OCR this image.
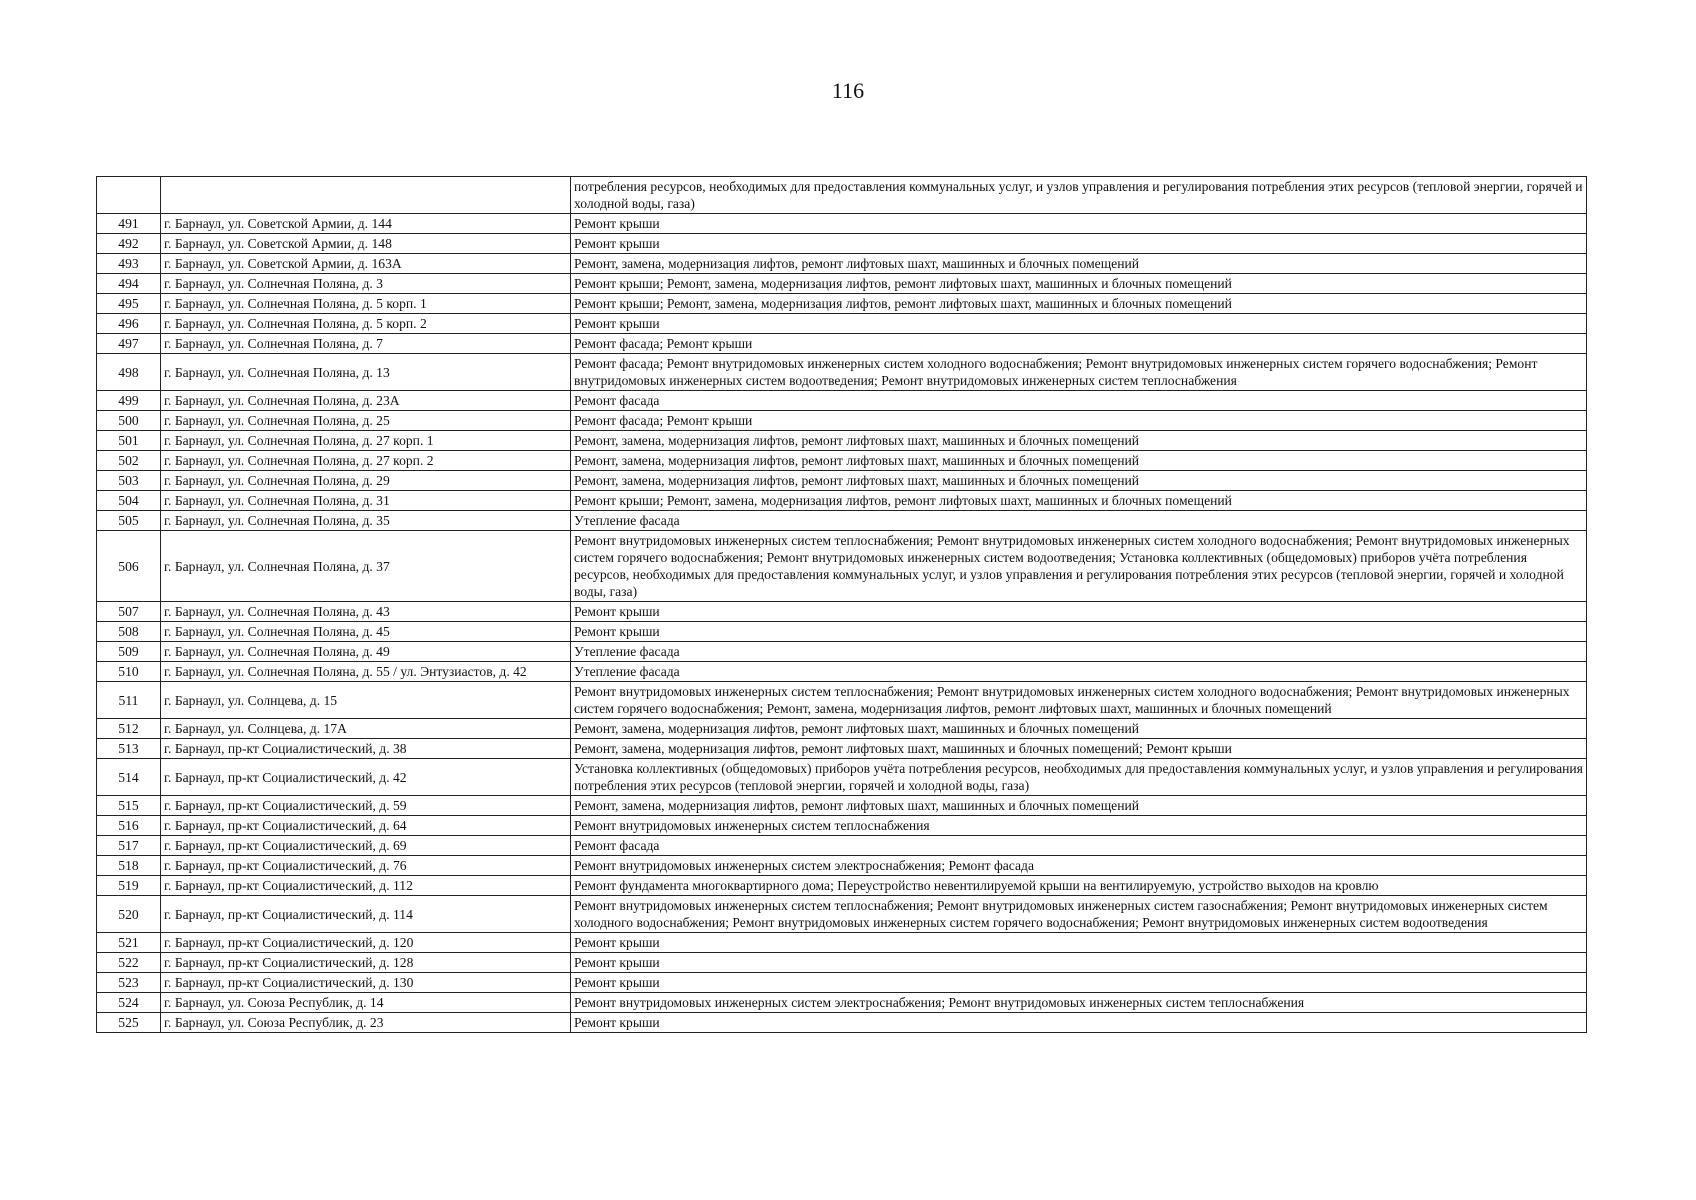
116
		потребления ресурсов, необходимых для предоставления коммунальных услуг, и узлов управления и регулирования потребления этих ресурсов (тепловой энергии, горячей и холодной воды, газа)
491	г. Барнаул, ул. Советской Армии, д. 144	Ремонт крыши
492	г. Барнаул, ул. Советской Армии, д. 148	Ремонт крыши
493	г. Барнаул, ул. Советской Армии, д. 163А	Ремонт, замена, модернизация лифтов, ремонт лифтовых шахт, машинных и блочных помещений
494	г. Барнаул, ул. Солнечная Поляна, д. 3	Ремонт крыши; Ремонт, замена, модернизация лифтов, ремонт лифтовых шахт, машинных и блочных помещений
495	г. Барнаул, ул. Солнечная Поляна, д. 5 корп. 1	Ремонт крыши; Ремонт, замена, модернизация лифтов, ремонт лифтовых шахт, машинных и блочных помещений
496	г. Барнаул, ул. Солнечная Поляна, д. 5 корп. 2	Ремонт крыши
497	г. Барнаул, ул. Солнечная Поляна, д. 7	Ремонт фасада; Ремонт крыши
498	г. Барнаул, ул. Солнечная Поляна, д. 13	Ремонт фасада; Ремонт внутридомовых инженерных систем холодного водоснабжения; Ремонт внутридомовых инженерных систем горячего водоснабжения; Ремонт внутридомовых инженерных систем водоотведения; Ремонт внутридомовых инженерных систем теплоснабжения
499	г. Барнаул, ул. Солнечная Поляна, д. 23А	Ремонт фасада
500	г. Барнаул, ул. Солнечная Поляна, д. 25	Ремонт фасада; Ремонт крыши
501	г. Барнаул, ул. Солнечная Поляна, д. 27 корп. 1	Ремонт, замена, модернизация лифтов, ремонт лифтовых шахт, машинных и блочных помещений
502	г. Барнаул, ул. Солнечная Поляна, д. 27 корп. 2	Ремонт, замена, модернизация лифтов, ремонт лифтовых шахт, машинных и блочных помещений
503	г. Барнаул, ул. Солнечная Поляна, д. 29	Ремонт, замена, модернизация лифтов, ремонт лифтовых шахт, машинных и блочных помещений
504	г. Барнаул, ул. Солнечная Поляна, д. 31	Ремонт крыши; Ремонт, замена, модернизация лифтов, ремонт лифтовых шахт, машинных и блочных помещений
505	г. Барнаул, ул. Солнечная Поляна, д. 35	Утепление фасада
506	г. Барнаул, ул. Солнечная Поляна, д. 37	Ремонт внутридомовых инженерных систем теплоснабжения; Ремонт внутридомовых инженерных систем холодного водоснабжения; Ремонт внутридомовых инженерных систем горячего водоснабжения; Ремонт внутридомовых инженерных систем водоотведения; Установка коллективных (общедомовых) приборов учёта потребления ресурсов, необходимых для предоставления коммунальных услуг, и узлов управления и регулирования потребления этих ресурсов (тепловой энергии, горячей и холодной воды, газа)
507	г. Барнаул, ул. Солнечная Поляна, д. 43	Ремонт крыши
508	г. Барнаул, ул. Солнечная Поляна, д. 45	Ремонт крыши
509	г. Барнаул, ул. Солнечная Поляна, д. 49	Утепление фасада
510	г. Барнаул, ул. Солнечная Поляна, д. 55 / ул. Энтузиастов, д. 42	Утепление фасада
511	г. Барнаул, ул. Солнцева, д. 15	Ремонт внутридомовых инженерных систем теплоснабжения; Ремонт внутридомовых инженерных систем холодного водоснабжения; Ремонт внутридомовых инженерных систем горячего водоснабжения; Ремонт, замена, модернизация лифтов, ремонт лифтовых шахт, машинных и блочных помещений
512	г. Барнаул, ул. Солнцева, д. 17А	Ремонт, замена, модернизация лифтов, ремонт лифтовых шахт, машинных и блочных помещений
513	г. Барнаул, пр-кт Социалистический, д. 38	Ремонт, замена, модернизация лифтов, ремонт лифтовых шахт, машинных и блочных помещений; Ремонт крыши
514	г. Барнаул, пр-кт Социалистический, д. 42	Установка коллективных (общедомовых) приборов учёта потребления ресурсов, необходимых для предоставления коммунальных услуг, и узлов управления и регулирования потребления этих ресурсов (тепловой энергии, горячей и холодной воды, газа)
515	г. Барнаул, пр-кт Социалистический, д. 59	Ремонт, замена, модернизация лифтов, ремонт лифтовых шахт, машинных и блочных помещений
516	г. Барнаул, пр-кт Социалистический, д. 64	Ремонт внутридомовых инженерных систем теплоснабжения
517	г. Барнаул, пр-кт Социалистический, д. 69	Ремонт фасада
518	г. Барнаул, пр-кт Социалистический, д. 76	Ремонт внутридомовых инженерных систем электроснабжения; Ремонт фасада
519	г. Барнаул, пр-кт Социалистический, д. 112	Ремонт фундамента многоквартирного дома; Переустройство невентилируемой крыши на вентилируемую, устройство выходов на кровлю
520	г. Барнаул, пр-кт Социалистический, д. 114	Ремонт внутридомовых инженерных систем теплоснабжения; Ремонт внутридомовых инженерных систем газоснабжения; Ремонт внутридомовых инженерных систем холодного водоснабжения; Ремонт внутридомовых инженерных систем горячего водоснабжения; Ремонт внутридомовых инженерных систем водоотведения
521	г. Барнаул, пр-кт Социалистический, д. 120	Ремонт крыши
522	г. Барнаул, пр-кт Социалистический, д. 128	Ремонт крыши
523	г. Барнаул, пр-кт Социалистический, д. 130	Ремонт крыши
524	г. Барнаул, ул. Союза Республик, д. 14	Ремонт внутридомовых инженерных систем электроснабжения; Ремонт внутридомовых инженерных систем теплоснабжения
525	г. Барнаул, ул. Союза Республик, д. 23	Ремонт крыши
